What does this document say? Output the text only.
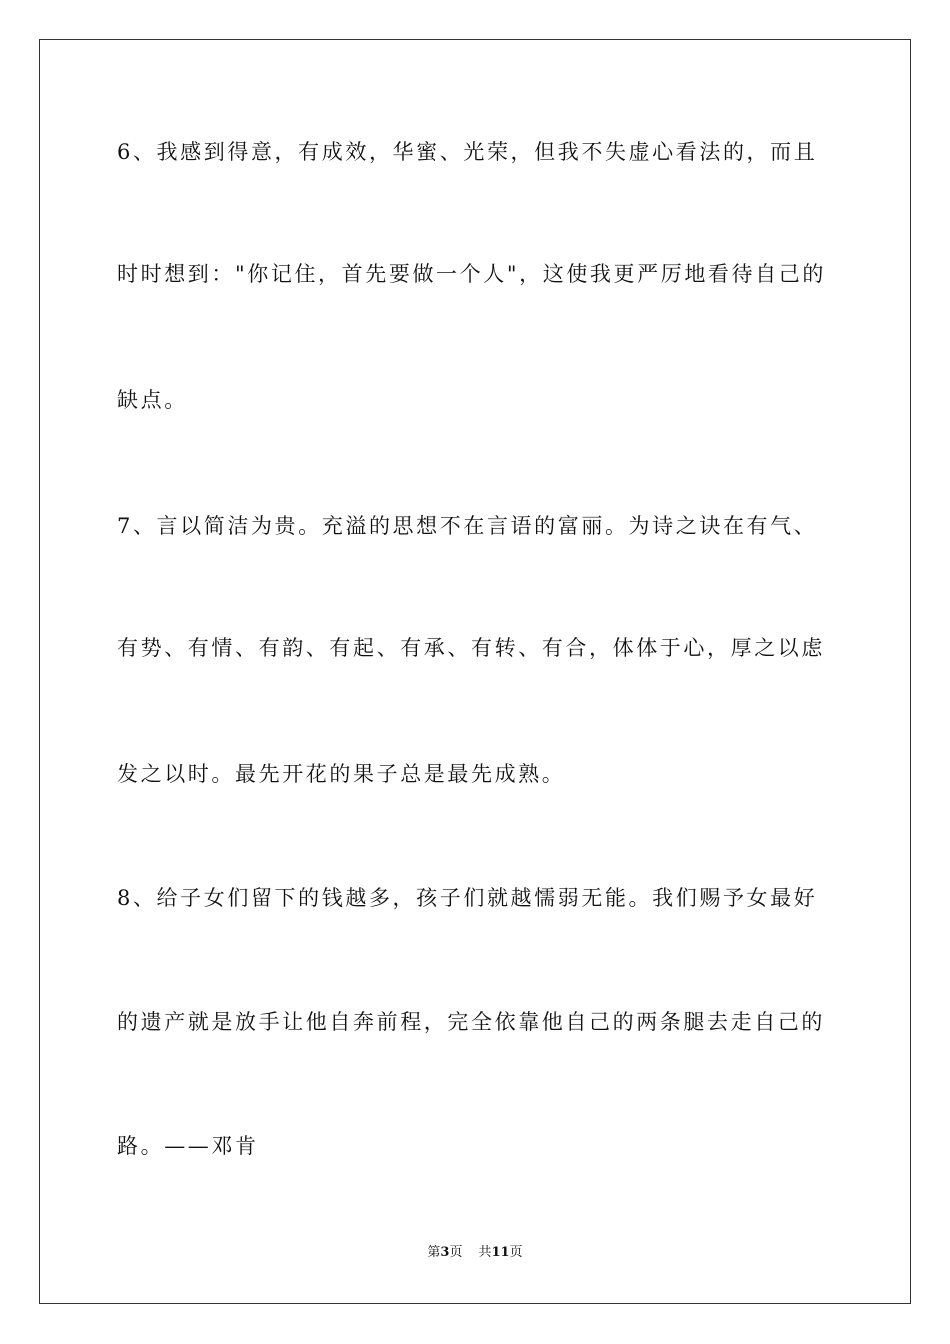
6、我感到得意，有成效，华蜜、光荣，但我不失虚心看法的，而且
时时想到："你记住，首先要做一个人"，这使我更严厉地看待自己的
缺点。
7、言以简洁为贵。充溢的思想不在言语的富丽。为诗之诀在有气、
有势、有情、有韵、有起、有承、有转、有合，体体于心，厚之以虑
发之以时。最先开花的果子总是最先成熟。
8、给子女们留下的钱越多，孩子们就越懦弱无能。我们赐予女最好
的遗产就是放手让他自奔前程，完全依靠他自己的两条腿去走自己的
路。——邓肯
第3页 共11页
